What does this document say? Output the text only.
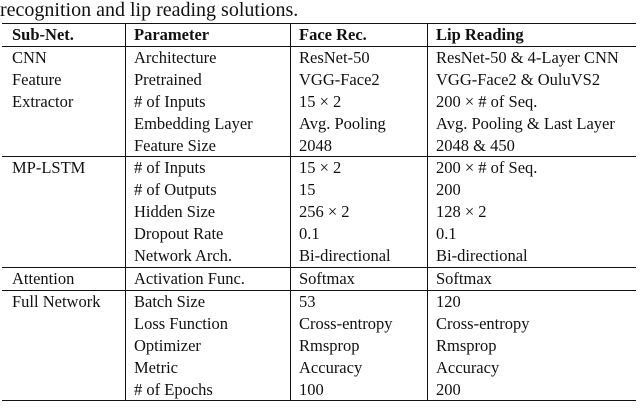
recognition and lip reading solutions.
Sub-Net.	Parameter	Face Rec.	Lip Reading
CNN	Architecture	ResNet-50	ResNet-50 & 4-Layer CNN
Feature	Pretrained	VGG-Face2	VGG-Face2 & OuluVS2
Extractor	# of Inputs	15 × 2	200 × # of Seq.
	Embedding Layer	Avg. Pooling	Avg. Pooling & Last Layer
	Feature Size	2048	2048 & 450
MP-LSTM	# of Inputs	15 × 2	200 × # of Seq.
	# of Outputs	15	200
	Hidden Size	256 × 2	128 × 2
	Dropout Rate	0.1	0.1
	Network Arch.	Bi-directional	Bi-directional
Attention	Activation Func.	Softmax	Softmax
Full Network	Batch Size	53	120
	Loss Function	Cross-entropy	Cross-entropy
	Optimizer	Rmsprop	Rmsprop
	Metric	Accuracy	Accuracy
	# of Epochs	100	200
